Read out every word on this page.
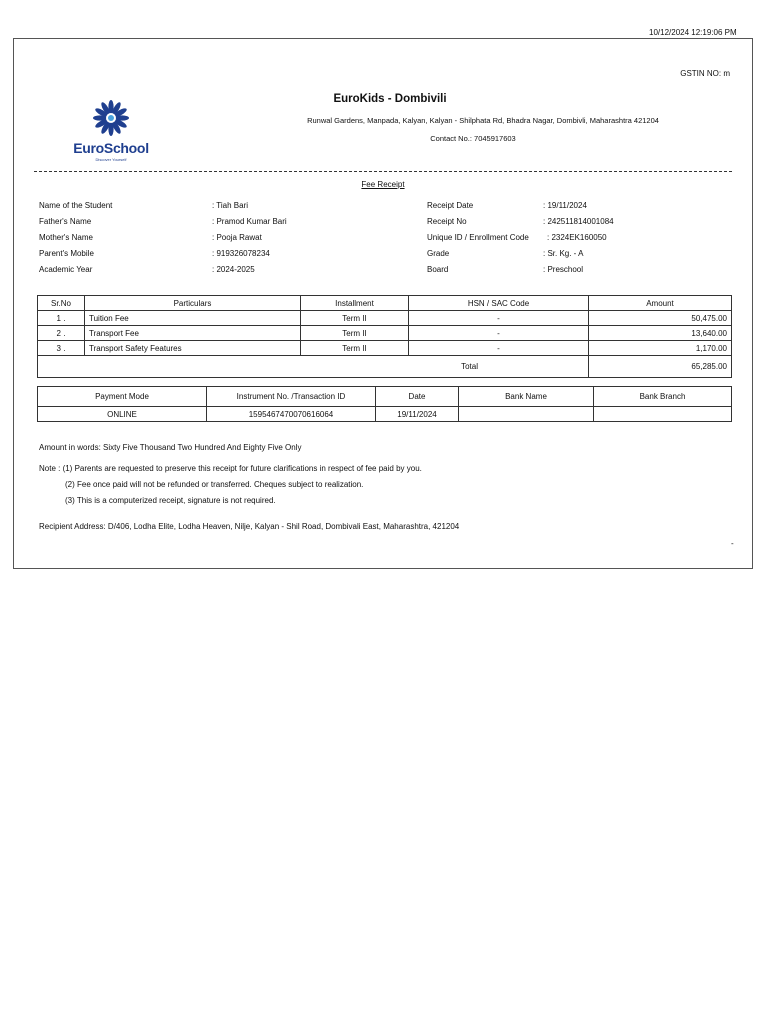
10/12/2024 12:19:06 PM
GSTIN NO: m
EuroSchool
Discover Yourself
EuroKids - Dombivili
Runwal Gardens, Manpada, Kalyan, Kalyan - Shilphata Rd, Bhadra Nagar, Dombivli, Maharashtra 421204
Contact No.: 7045917603
Fee Receipt
Name of the Student	: Tiah Bari
Father's Name	: Pramod Kumar Bari
Mother's Name	: Pooja Rawat
Parent's Mobile	: 919326078234
Academic Year	: 2024-2025
Receipt Date	: 19/11/2024
Receipt No	: 242511814001084
Unique ID / Enrollment Code : 2324EK160050
Grade	: Sr. Kg. - A
Board	: Preschool
Sr.No	Particulars	Installment	HSN / SAC Code	Amount
1 .	Tuition Fee	Term II	-	50,475.00
2 .	Transport Fee	Term II	-	13,640.00
3 .	Transport Safety Features	Term II	-	1,170.00
Total				65,285.00
Payment Mode	Instrument No. /Transaction ID	Date	Bank Name	Bank Branch
ONLINE	1595467470070616064	19/11/2024		
Amount in words: Sixty Five Thousand Two Hundred And Eighty Five Only
Note : (1) Parents are requested to preserve this receipt for future clarifications in respect of fee paid by you.
(2) Fee once paid will not be refunded or transferred. Cheques subject to realization.
(3) This is a computerized receipt, signature is not required.
Recipient Address: D/406, Lodha Elite, Lodha Heaven, Nilje, Kalyan - Shil Road, Dombivali East, Maharashtra, 421204
-
